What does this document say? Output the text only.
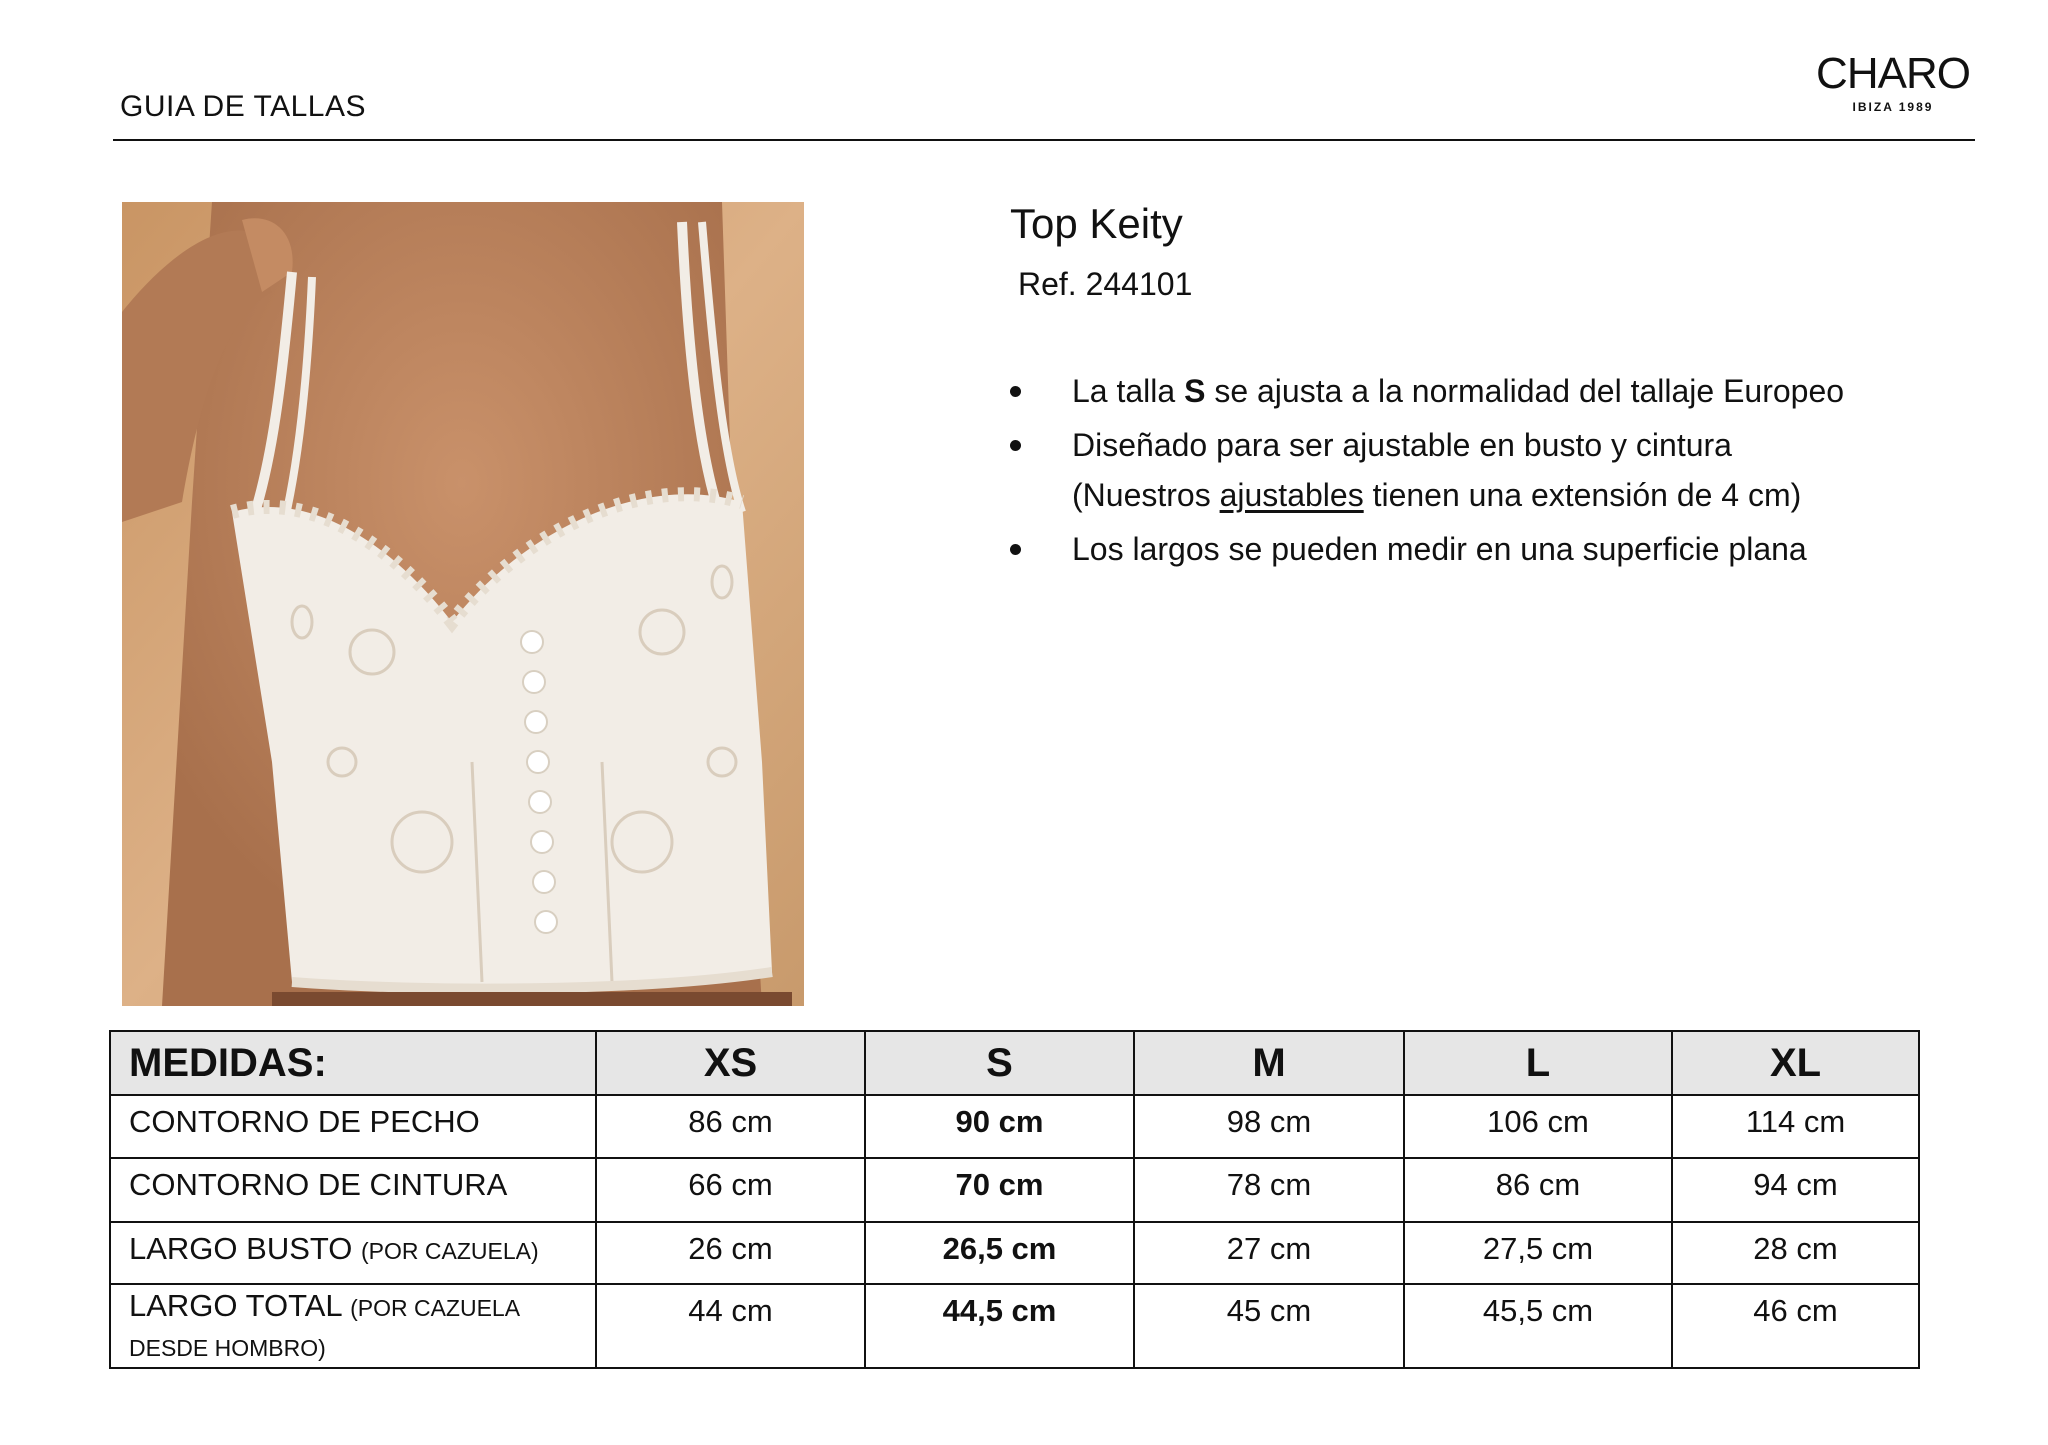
GUIA DE TALLAS
CHARO
IBIZA 1989
Top Keity
Ref. 244101
La talla S se ajusta a la normalidad del tallaje Europeo
Diseñado para ser ajustable en busto y cintura
(Nuestros ajustables tienen una extensión de 4 cm)
Los largos se pueden medir en una superficie plana
MEDIDAS:	XS	S	M	L	XL
CONTORNO DE PECHO	86 cm	90 cm	98 cm	106 cm	114 cm
CONTORNO DE CINTURA	66 cm	70 cm	78 cm	86 cm	94 cm
LARGO BUSTO (POR CAZUELA)	26 cm	26,5 cm	27 cm	27,5 cm	28 cm
LARGO TOTAL (POR CAZUELA DESDE HOMBRO)	44 cm	44,5 cm	45 cm	45,5 cm	46 cm
